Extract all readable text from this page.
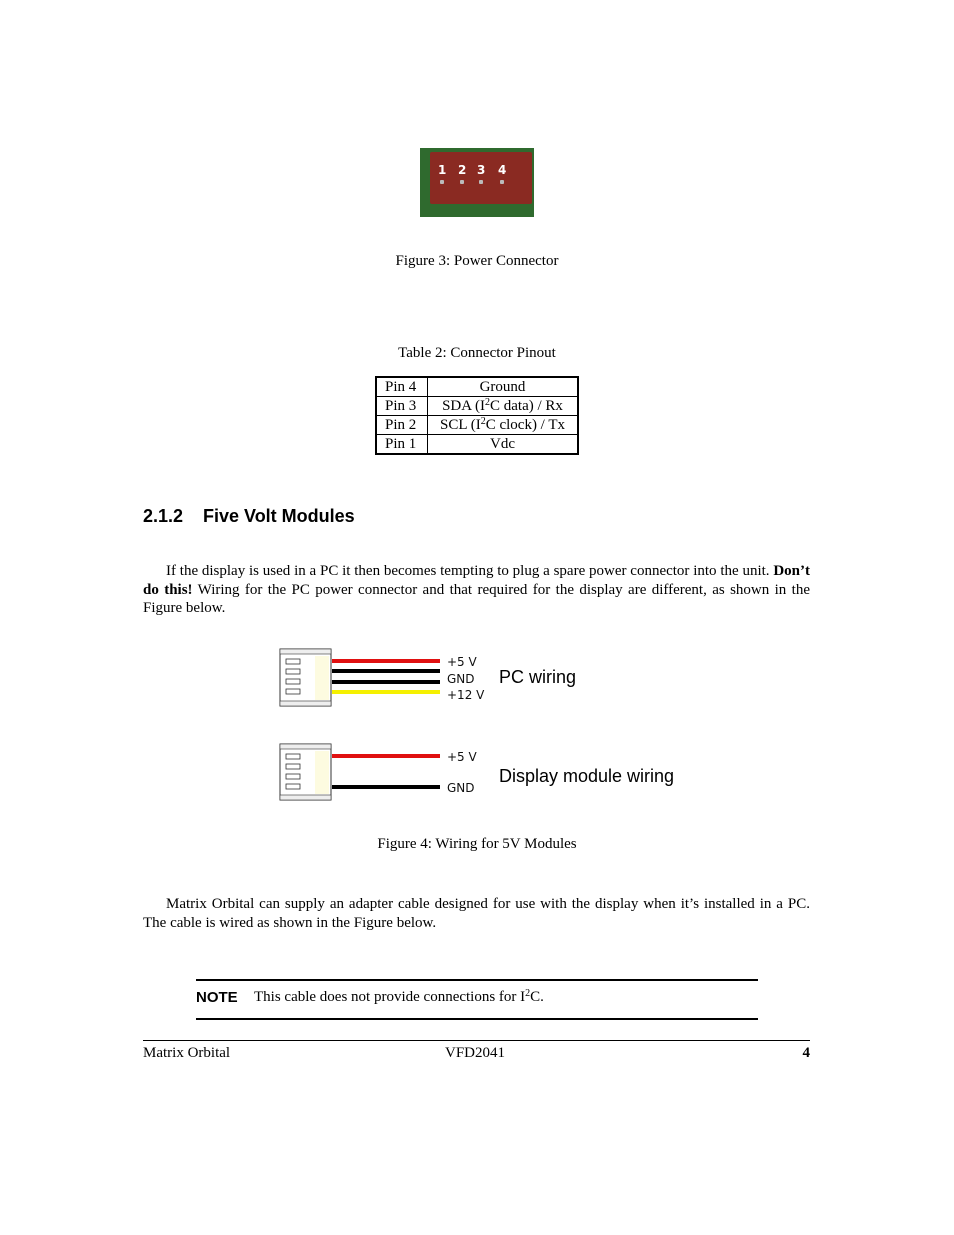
1 2 3 4
Figure 3: Power Connector
Table 2: Connector Pinout
Pin 4	Ground
Pin 3	SDA ($I^2C$ data) / Rx
Pin 2	SCL ($I^2C$ clock) / Tx
Pin 1	Vdc
2.1.2 Five Volt Modules

If the display is used in a PC it then becomes tempting to plug a spare power connector into the unit. Don’t do this! Wiring for the PC power connector and that required for the display are different, as shown in the Figure below.

+5 V
GND
+12 V
PC wiring
+5 V
GND
Display module wiring
Figure 4: Wiring for 5V Modules

Matrix Orbital can supply an adapter cable designed for use with the display when it’s installed in a PC. The cable is wired as shown in the Figure below.

NOTE This cable does not provide connections for $I^2C$.
Matrix Orbital	VFD2041	4
